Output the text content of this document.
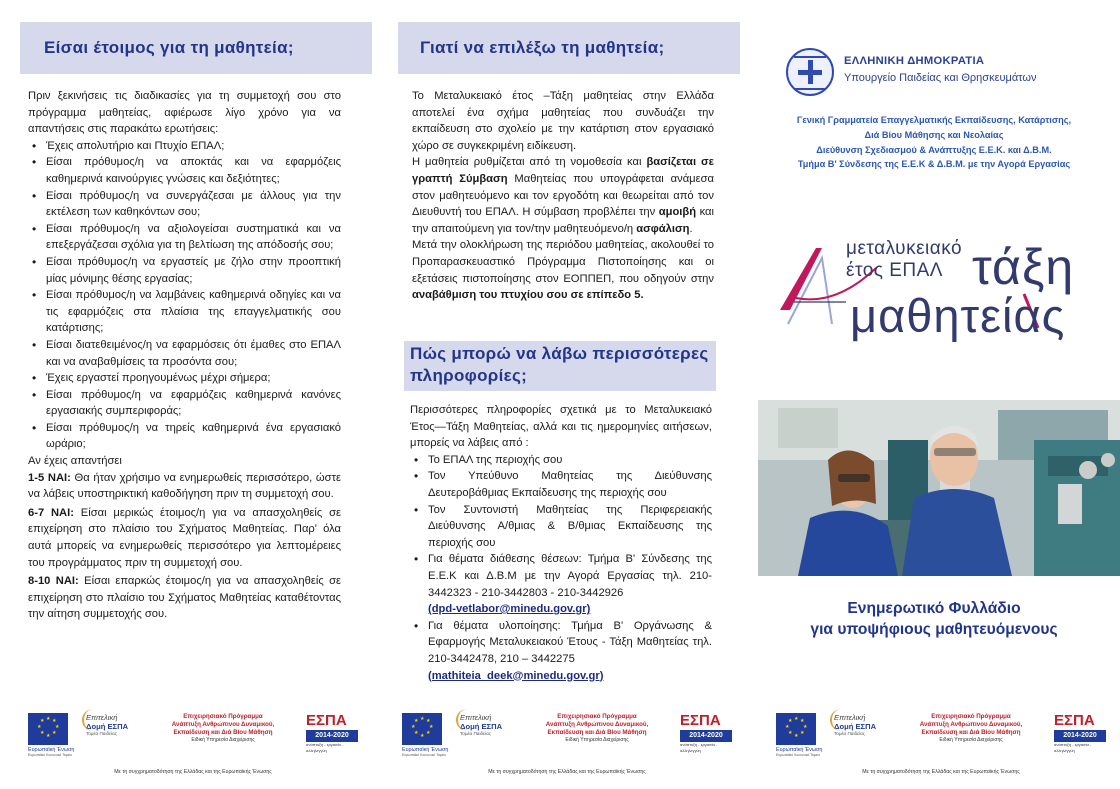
Είσαι έτοιμος για τη μαθητεία;

Πριν ξεκινήσεις τις διαδικασίες για τη συμμετοχή σου στο πρόγραμμα μαθητείας, αφιέρωσε λίγο χρόνο για να απαντήσεις στις παρακάτω ερωτήσεις:

• Έχεις απολυτήριο και Πτυχίο ΕΠΑΛ;
• Είσαι πρόθυμος/η να αποκτάς και να εφαρμόζεις καθημερινά καινούργιες γνώσεις και δεξιότητες;
• Είσαι πρόθυμος/η να συνεργάζεσαι με άλλους για την εκτέλεση των καθηκόντων σου;
• Είσαι πρόθυμος/η να αξιολογείσαι συστηματικά και να επεξεργάζεσαι σχόλια για τη βελτίωση της απόδοσής σου;
• Είσαι πρόθυμος/η να εργαστείς με ζήλο στην προοπτική μίας μόνιμης θέσης εργασίας;
• Είσαι πρόθυμος/η να λαμβάνεις καθημερινά οδηγίες και να τις εφαρμόζεις στα πλαίσια της επαγγελματικής σου κατάρτισης;
• Είσαι διατεθειμένος/η να εφαρμόσεις ότι έμαθες στο ΕΠΑΛ και να αναβαθμίσεις τα προσόντα σου;
• Έχεις εργαστεί προηγουμένως μέχρι σήμερα;
• Είσαι πρόθυμος/η να εφαρμόζεις καθημερινά κανόνες εργασιακής συμπεριφοράς;
• Είσαι πρόθυμος/η να τηρείς καθημερινά ένα εργασιακό ωράριο;

Αν έχεις απαντήσει

1-5 ΝΑΙ: Θα ήταν χρήσιμο να ενημερωθείς περισσότερο, ώστε να λάβεις υποστηρικτική καθοδήγηση πριν τη συμμετοχή σου.

6-7 ΝΑΙ: Είσαι μερικώς έτοιμος/η για να απασχοληθείς σε επιχείρηση στο πλαίσιο του Σχήματος Μαθητείας. Παρ' όλα αυτά μπορείς να ενημερωθείς περισσότερο για λεπτομέρειες του προγράμματος πριν τη συμμετοχή σου.

8-10 ΝΑΙ: Είσαι επαρκώς έτοιμος/η για να απασχοληθείς σε επιχείρηση στο πλαίσιο του Σχήματος Μαθητείας καταθέτοντας την αίτηση συμμετοχής σου.

★ ★
★
★
★
★
★
★
Ευρωπαϊκή Ένωση
Ευρωπαϊκό Κοινωνικό Ταμείο
Επιτελική
Δομή ΕΣΠΑ
Τομέα Παιδείας
Επιχειρησιακό Πρόγραμμα
Ανάπτυξη Ανθρώπινου Δυναμικού,
Εκπαίδευση και Διά Βίου Μάθηση
Ειδική Υπηρεσία Διαχείρισης
ΕΣΠΑ
2014-2020
ανάπτυξη - εργασία - αλληλεγγύη
Με τη συγχρηματοδότηση της Ελλάδας και της Ευρωπαϊκής Ένωσης
Γιατί να επιλέξω τη μαθητεία;

Το Μεταλυκειακό έτος –Τάξη μαθητείας στην Ελλάδα αποτελεί ένα σχήμα μαθητείας που συνδυάζει την εκπαίδευση στο σχολείο με την κατάρτιση στον εργασιακό χώρο σε συγκεκριμένη ειδίκευση.

Η μαθητεία ρυθμίζεται από τη νομοθεσία και βασίζεται σε γραπτή Σύμβαση Μαθητείας που υπογράφεται ανάμεσα στον μαθητευόμενο και τον εργοδότη και θεωρείται από τον Διευθυντή του ΕΠΑΛ. Η σύμβαση προβλέπει την αμοιβή και την απαιτούμενη για τον/την μαθητευόμενο/η ασφάλιση.

Μετά την ολοκλήρωση της περιόδου μαθητείας, ακολουθεί το Προπαρασκευαστικό Πρόγραμμα Πιστοποίησης και οι εξετάσεις πιστοποίησης στον ΕΟΠΠΕΠ, που οδηγούν στην αναβάθμιση του πτυχίου σου σε επίπεδο 5.

Πώς μπορώ να λάβω περισσότερες
πληροφορίες;

Περισσότερες πληροφορίες σχετικά με το Μεταλυκειακό Έτος—Τάξη Μαθητείας, αλλά και τις ημερομηνίες αιτήσεων, μπορείς να λάβεις από :

• Το ΕΠΑΛ της περιοχής σου
• Τον Υπεύθυνο Μαθητείας της Διεύθυνσης Δευτεροβάθμιας Εκπαίδευσης της περιοχής σου
• Τον Συντονιστή Μαθητείας της Περιφερειακής Διεύθυνσης Α/θμιας & Β/θμιας Εκπαίδευσης της περιοχής σου
• Για θέματα διάθεσης θέσεων: Τμήμα Β' Σύνδεσης της Ε.Ε.Κ και Δ.Β.Μ με την Αγορά Εργασίας τηλ. 210-3442323 - 210-3442803 - 210-3442926
(dpd-vetlabor@minedu.gov.gr)
• Για θέματα υλοποίησης: Τμήμα Β' Οργάνωσης & Εφαρμογής Μεταλυκειακού Έτους - Τάξη Μαθητείας τηλ. 210-3442478, 210 – 3442275
(mathiteia_deek@minedu.gov.gr)
★ ★
★
★
★
★
★
★
Ευρωπαϊκή Ένωση
Ευρωπαϊκό Κοινωνικό Ταμείο
Επιτελική
Δομή ΕΣΠΑ
Τομέα Παιδείας
Επιχειρησιακό Πρόγραμμα
Ανάπτυξη Ανθρώπινου Δυναμικού,
Εκπαίδευση και Διά Βίου Μάθηση
Ειδική Υπηρεσία Διαχείρισης
ΕΣΠΑ
2014-2020
ανάπτυξη - εργασία - αλληλεγγύη
Με τη συγχρηματοδότηση της Ελλάδας και της Ευρωπαϊκής Ένωσης
ΕΛΛΗΝΙΚΗ ΔΗΜΟΚΡΑΤΙΑ
Υπουργείο Παιδείας και Θρησκευμάτων
Γενική Γραμματεία Επαγγελματικής Εκπαίδευσης, Κατάρτισης,
Διά Βίου Μάθησης και Νεολαίας
Διεύθυνση Σχεδιασμού & Ανάπτυξης Ε.Ε.Κ. και Δ.Β.Μ.
Τμήμα Β' Σύνδεσης της Ε.Ε.Κ & Δ.Β.Μ. με την Αγορά Εργασίας
μεταλυκειακό
έτος ΕΠΑΛ τάξη
μαθητείας
Ενημερωτικό Φυλλάδιο
για υποψήφιους μαθητευόμενους
★ ★
★
★
★
★
★
★
Ευρωπαϊκή Ένωση
Ευρωπαϊκό Κοινωνικό Ταμείο
Επιτελική
Δομή ΕΣΠΑ
Τομέα Παιδείας
Επιχειρησιακό Πρόγραμμα
Ανάπτυξη Ανθρώπινου Δυναμικού,
Εκπαίδευση και Διά Βίου Μάθηση
Ειδική Υπηρεσία Διαχείρισης
ΕΣΠΑ
2014-2020
ανάπτυξη - εργασία - αλληλεγγύη
Με τη συγχρηματοδότηση της Ελλάδας και της Ευρωπαϊκής Ένωσης
